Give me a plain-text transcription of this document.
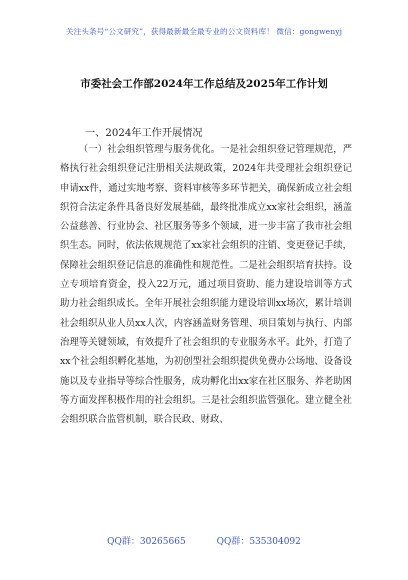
关注头条号“公文研究”，获得最新最全最专业的公文资料库！ 微信：gongwenyj
市委社会工作部2024年工作总结及2025年工作计划
一、2024年工作开展情况
（一）社会组织管理与服务优化。一是社会组织登记管理规范，严格执行社会组织登记注册相关法规政策，2024年共受理社会组织登记申请xx件，通过实地考察、资料审核等多环节把关，确保新成立社会组织符合法定条件具备良好发展基础，最终批准成立xx家社会组织，涵盖公益慈善、行业协会、社区服务等多个领域，进一步丰富了我市社会组织生态。同时，依法依规规范了xx家社会组织的注销、变更登记手续，保障社会组织登记信息的准确性和规范性。二是社会组织培育扶持。设立专项培育资金，投入22万元，通过项目资助、能力建设培训等方式助力社会组织成长。全年开展社会组织能力建设培训xx场次，累计培训社会组织从业人员xx人次，内容涵盖财务管理、项目策划与执行、内部治理等关键领域，有效提升了社会组织的专业服务水平。此外，打造了xx个社会组织孵化基地，为初创型社会组织提供免费办公场地、设备设施以及专业指导等综合性服务，成功孵化出xx家在社区服务、养老助困等方面发挥积极作用的社会组织。三是社会组织监管强化。建立健全社会组织联合监管机制，联合民政、财政、
QQ群：30265665	QQ群：535304092
